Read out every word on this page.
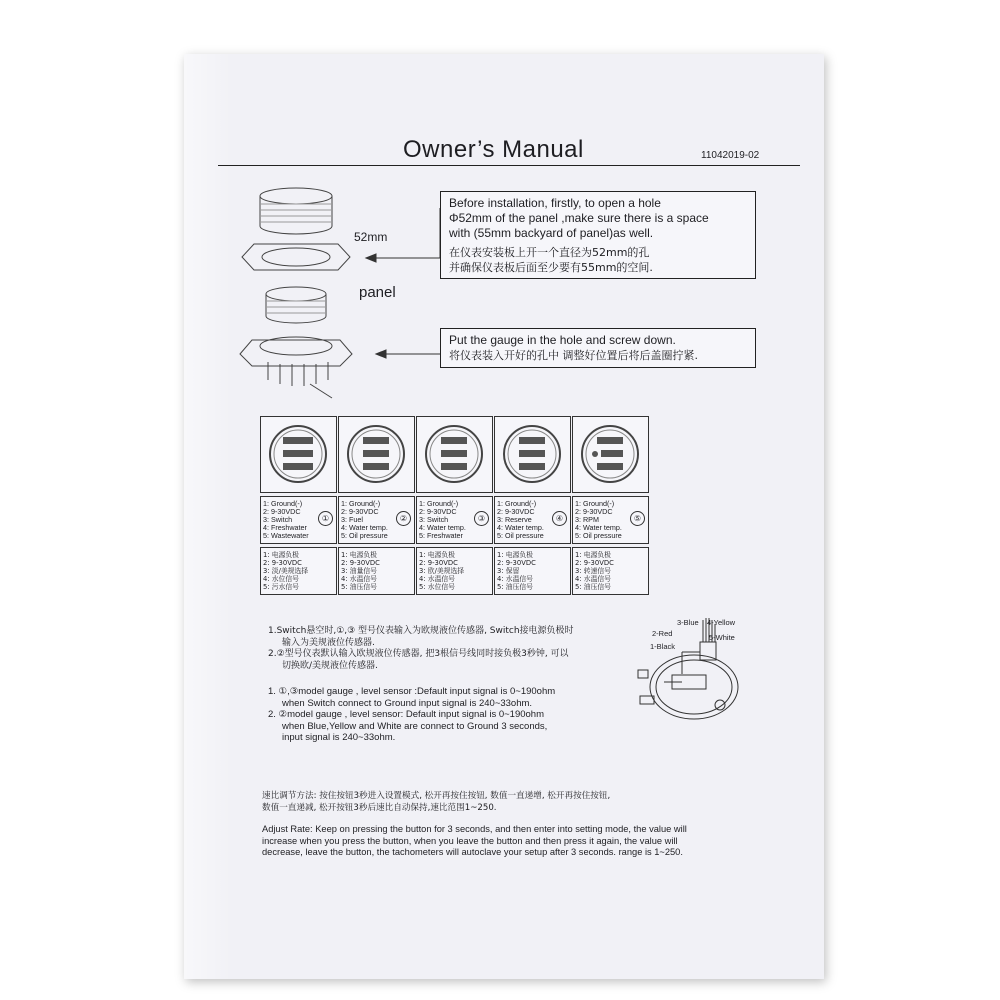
Owner’s Manual	11042019-02
52mm
panel
Before installation, firstly, to open a hole
Φ52mm of the panel ,make sure there is a space
with (55mm backyard of panel)as well.
在仪表安装板上开一个直径为52mm的孔
并确保仪表板后面至少要有55mm的空间.
Put the gauge in the hole and screw down.
将仪表装入开好的孔中 调整好位置后将后盖圈拧紧.
1: Ground(-)
2: 9-30VDC
3: Switch
4: Freshwater
5: Wastewater
①
1: 电源负极
2: 9-30VDC
3: 淡/美规选择
4: 水位信号
5: 污水信号
1: Ground(-)
2: 9-30VDC
3: Fuel
4: Water temp.
5: Oil pressure
②
1: 电源负极
2: 9-30VDC
3: 油量信号
4: 水温信号
5: 油压信号
1: Ground(-)
2: 9-30VDC
3: Switch
4: Water temp.
5: Freshwater
③
1: 电源负极
2: 9-30VDC
3: 欧/美规选择
4: 水温信号
5: 水位信号
1: Ground(-)
2: 9-30VDC
3: Reserve
4: Water temp.
5: Oil pressure
④
1: 电源负极
2: 9-30VDC
3: 保留
4: 水温信号
5: 油压信号
1: Ground(-)
2: 9-30VDC
3: RPM
4: Water temp.
5: Oil pressure
⑤
1: 电源负极
2: 9-30VDC
3: 转速信号
4: 水温信号
5: 油压信号
3-Blue 4-Yellow
2-Red	5-White
1-Black
1.Switch悬空时,①,③ 型号仪表输入为欧规液位传感器, Switch接电源负极时
输入为美规液位传感器.
2.②型号仪表默认输入欧规液位传感器, 把3根信号线同时接负极3秒钟, 可以
切换欧/美规液位传感器.
1. ①,③model gauge , level sensor :Default input signal is 0~190ohm
when Switch connect to Ground input signal is 240~33ohm.
2. ②model gauge , level sensor: Default input signal is 0~190ohm
when Blue,Yellow and White are connect to Ground 3 seconds,
input signal is 240~33ohm.
速比调节方法: 按住按钮3秒进入设置模式, 松开再按住按钮, 数值一直递增, 松开再按住按钮,
数值一直递减, 松开按钮3秒后速比自动保持,速比范围1~250.
Adjust Rate: Keep on pressing the button for 3 seconds, and then enter into setting mode, the value will
increase when you press the button, when you leave the button and then press it again, the value will
decrease, leave the button, the tachometers will autoclave your setup after 3 seconds. range is 1~250.
